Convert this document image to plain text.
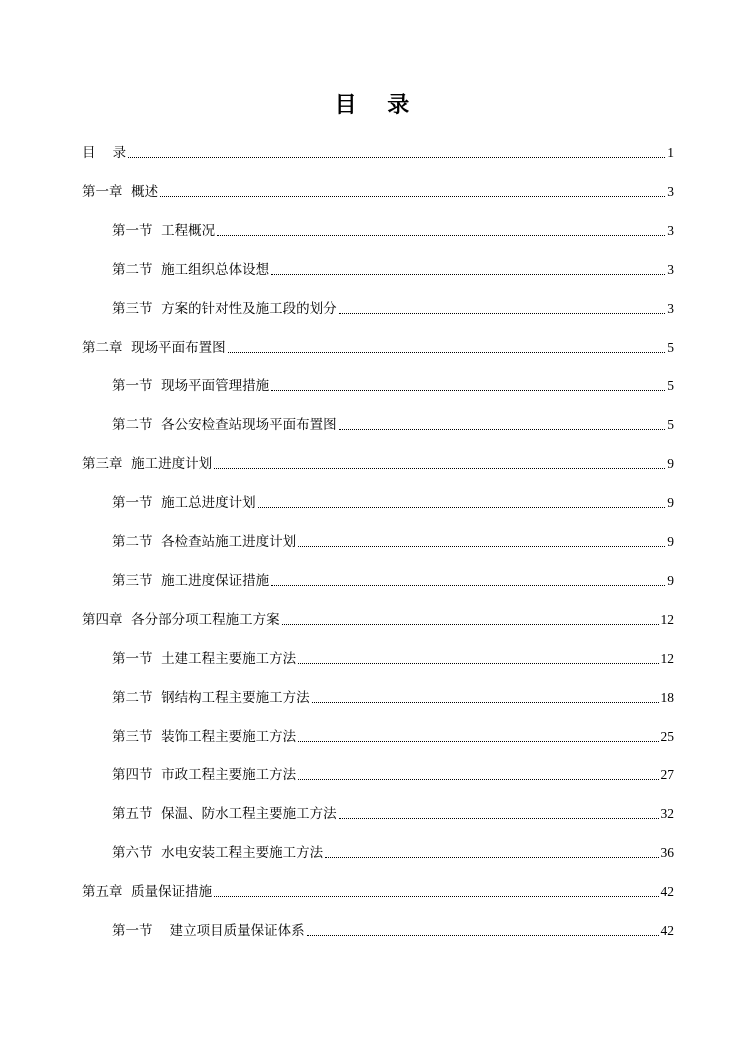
目    录
目    录	1
第一章  概述	3
第一节  工程概况	3
第二节  施工组织总体设想	3
第三节  方案的针对性及施工段的划分	3
第二章  现场平面布置图	5
第一节  现场平面管理措施	5
第二节  各公安检查站现场平面布置图	5
第三章  施工进度计划	9
第一节  施工总进度计划	9
第二节  各检查站施工进度计划	9
第三节  施工进度保证措施	9
第四章  各分部分项工程施工方案	12
第一节  土建工程主要施工方法	12
第二节  钢结构工程主要施工方法	18
第三节  装饰工程主要施工方法	25
第四节  市政工程主要施工方法	27
第五节  保温、防水工程主要施工方法	32
第六节  水电安装工程主要施工方法	36
第五章  质量保证措施	42
第一节    建立项目质量保证体系	42
